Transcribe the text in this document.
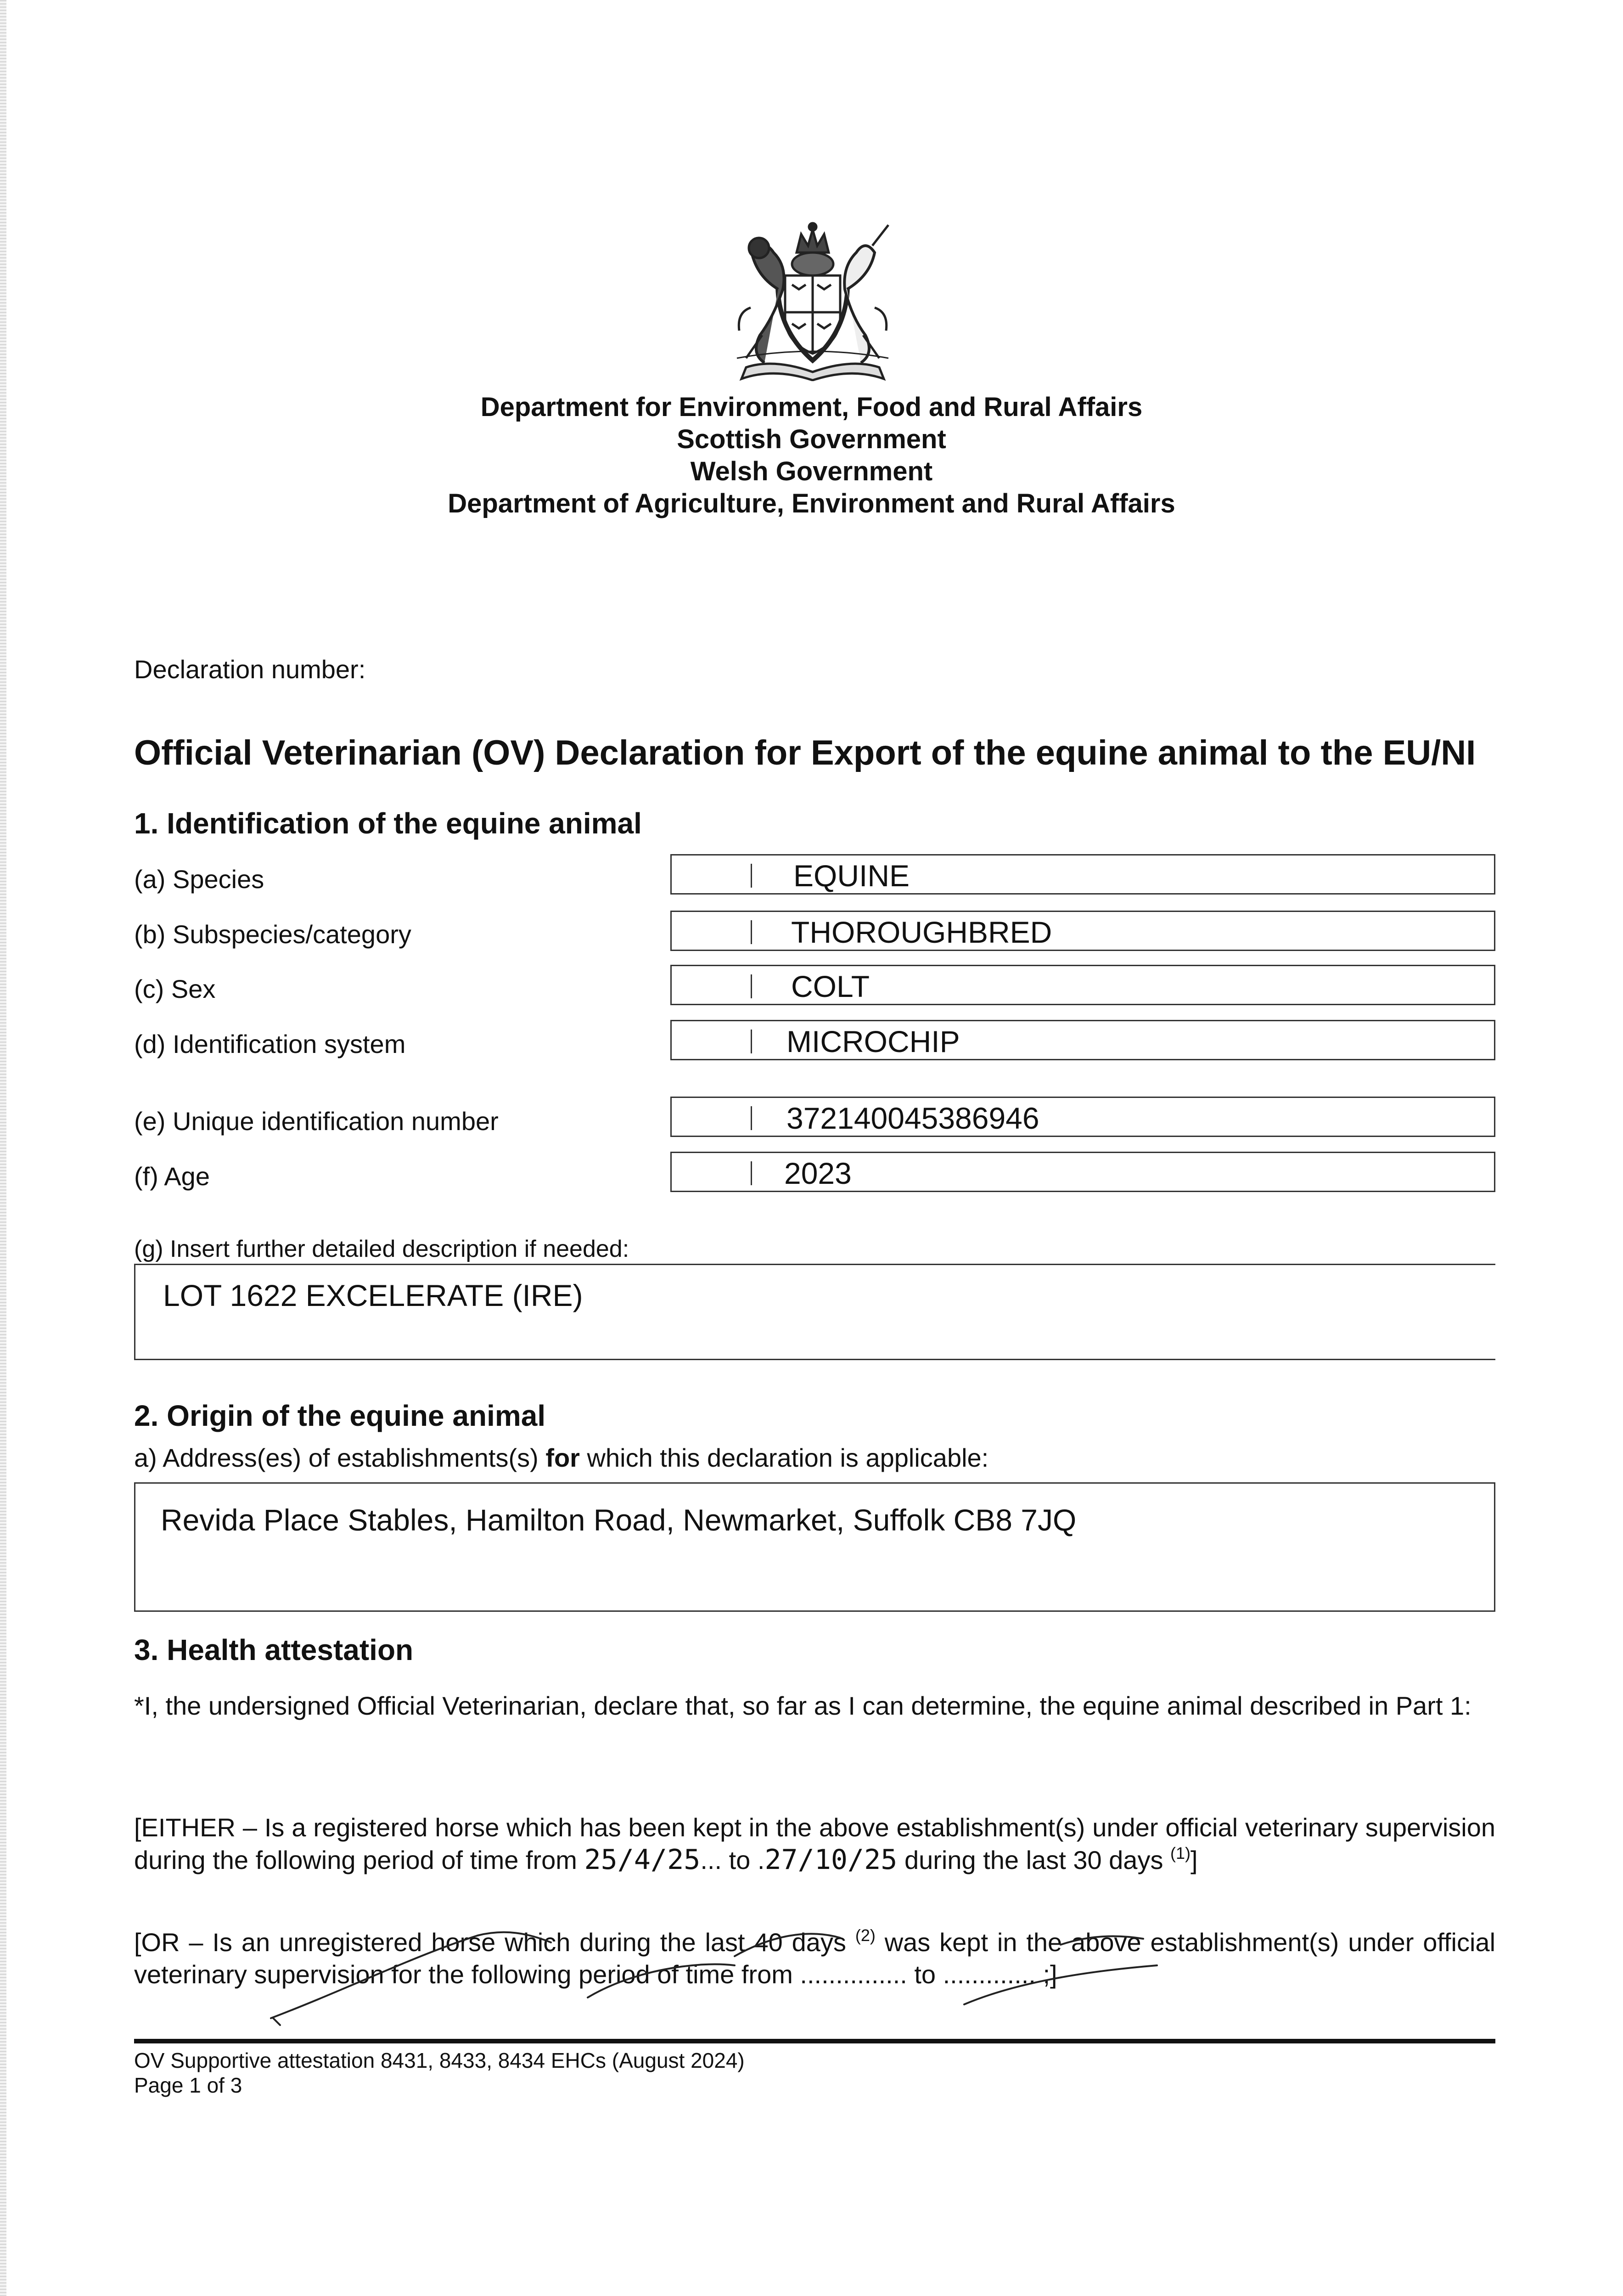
Department for Environment, Food and Rural Affairs
Scottish Government
Welsh Government
Department of Agriculture, Environment and Rural Affairs
Declaration number:
Official Veterinarian (OV) Declaration for Export of the equine animal to the EU/NI
1. Identification of the equine animal
(a) Species	EQUINE
(b) Subspecies/category	THOROUGHBRED
(c) Sex	COLT
(d) Identification system	MICROCHIP
(e) Unique identification number	372140045386946
(f) Age	2023
(g) Insert further detailed description if needed:
LOT 1622 EXCELERATE (IRE)
2. Origin of the equine animal
a) Address(es) of establishments(s) for which this declaration is applicable:
Revida Place Stables, Hamilton Road, Newmarket, Suffolk CB8 7JQ
3. Health attestation
*I, the undersigned Official Veterinarian, declare that, so far as I can determine, the equine animal described in Part 1:
[EITHER – Is a registered horse which has been kept in the above establishment(s) under official veterinary supervision during the following period of time from 25/4/25... to .27/10/25 during the last 30 days $^{(1)}$]
[OR – Is an unregistered horse which during the last 40 days $^{(2)}$ was kept in the above establishment(s) under official veterinary supervision for the following period of time from ............... to ............. ;]
OV Supportive attestation 8431, 8433, 8434 EHCs (August 2024)
Page 1 of 3
